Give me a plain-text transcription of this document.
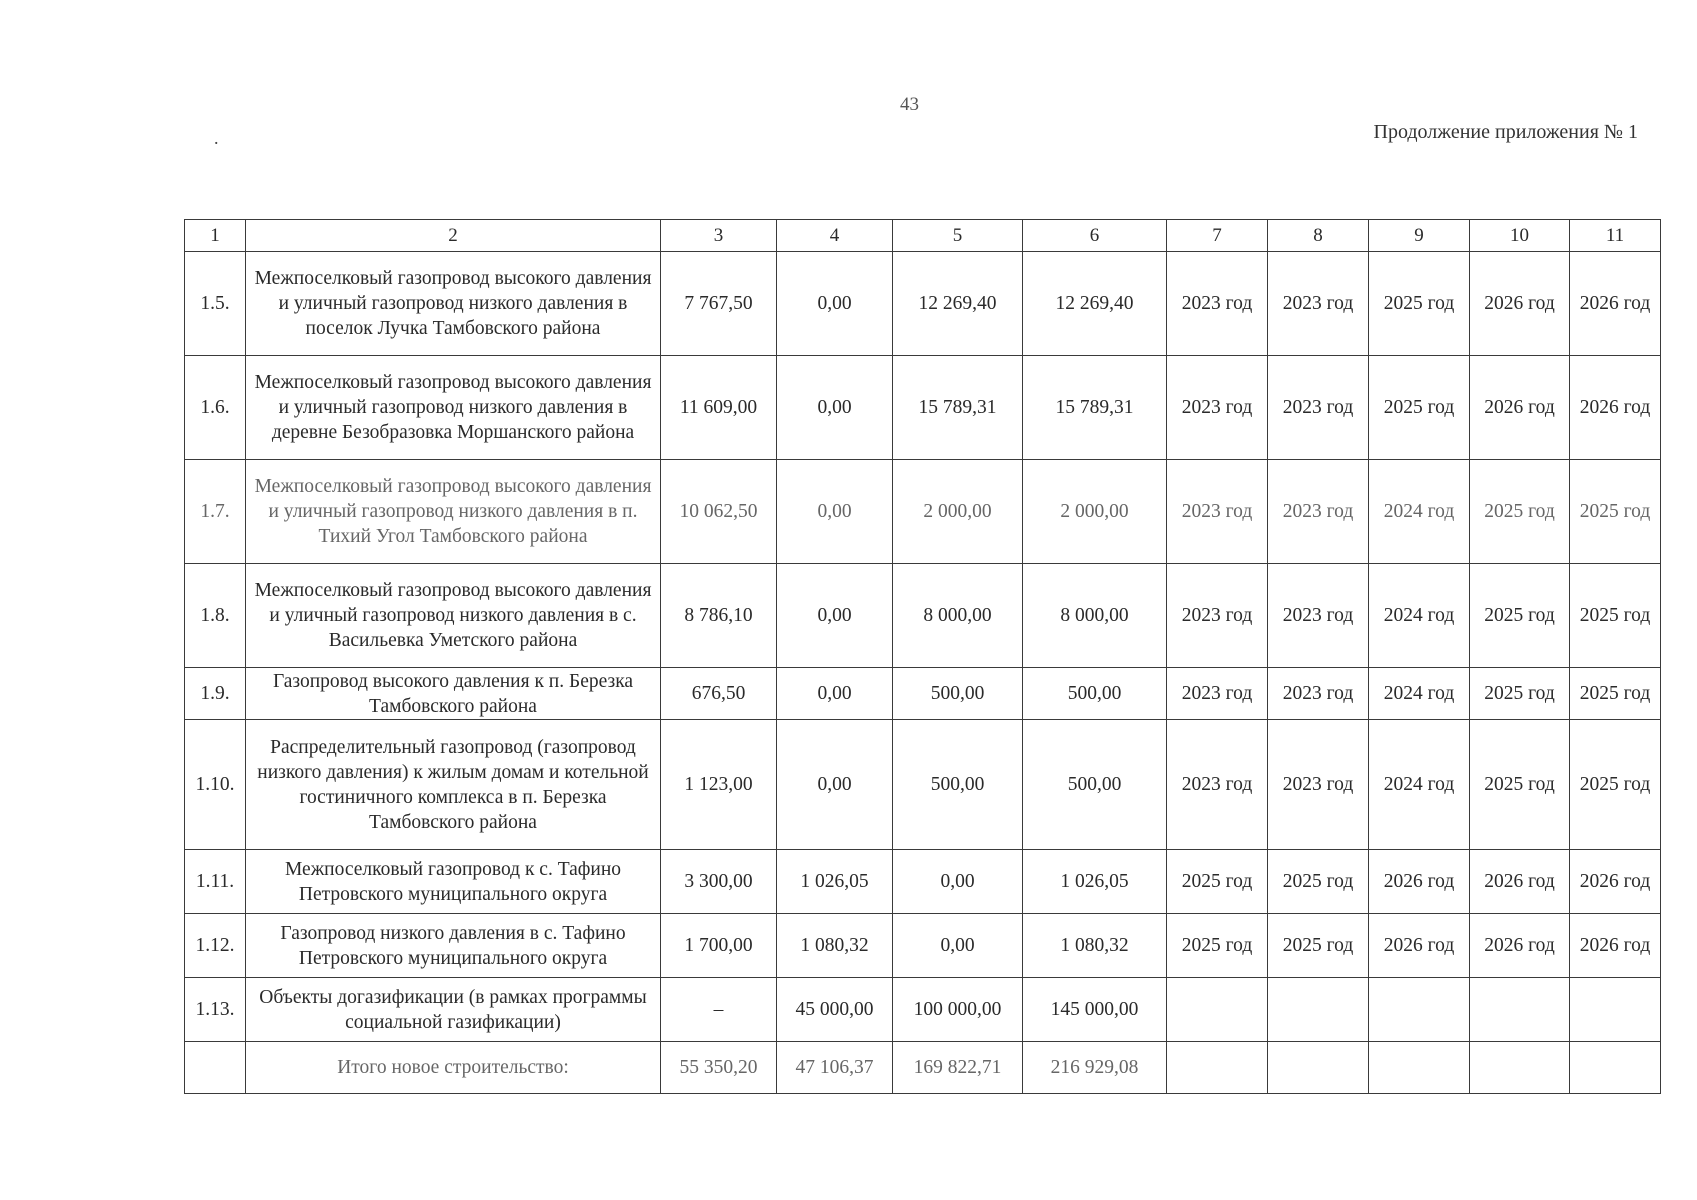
43
.	Продолжение приложения № 1
1	2	3	4	5	6	7	8	9	10	11
1.5.	Межпоселковый газопровод высокого давления и уличный газопровод низкого давления в поселок Лучка Тамбовского района	7 767,50	0,00	12 269,40	12 269,40	2023 год	2023 год	2025 год	2026 год	2026 год
1.6.	Межпоселковый газопровод высокого давления и уличный газопровод низкого давления в деревне Безобразовка Моршанского района	11 609,00	0,00	15 789,31	15 789,31	2023 год	2023 год	2025 год	2026 год	2026 год
1.7.	Межпоселковый газопровод высокого давления и уличный газопровод низкого давления в п. Тихий Угол Тамбовского района	10 062,50	0,00	2 000,00	2 000,00	2023 год	2023 год	2024 год	2025 год	2025 год
1.8.	Межпоселковый газопровод высокого давления и уличный газопровод низкого давления в с. Васильевка Уметского района	8 786,10	0,00	8 000,00	8 000,00	2023 год	2023 год	2024 год	2025 год	2025 год
1.9.	Газопровод высокого давления к п. Березка Тамбовского района	676,50	0,00	500,00	500,00	2023 год	2023 год	2024 год	2025 год	2025 год
1.10.	Распределительный газопровод (газопровод низкого давления) к жилым домам и котельной гостиничного комплекса в п. Березка Тамбовского района	1 123,00	0,00	500,00	500,00	2023 год	2023 год	2024 год	2025 год	2025 год
1.11.	Межпоселковый газопровод к с. Тафино Петровского муниципального округа	3 300,00	1 026,05	0,00	1 026,05	2025 год	2025 год	2026 год	2026 год	2026 год
1.12.	Газопровод низкого давления в с. Тафино Петровского муниципального округа	1 700,00	1 080,32	0,00	1 080,32	2025 год	2025 год	2026 год	2026 год	2026 год
1.13.	Объекты догазификации (в рамках программы социальной газификации)	–	45 000,00	100 000,00	145 000,00					
	Итого новое строительство:	55 350,20	47 106,37	169 822,71	216 929,08					
